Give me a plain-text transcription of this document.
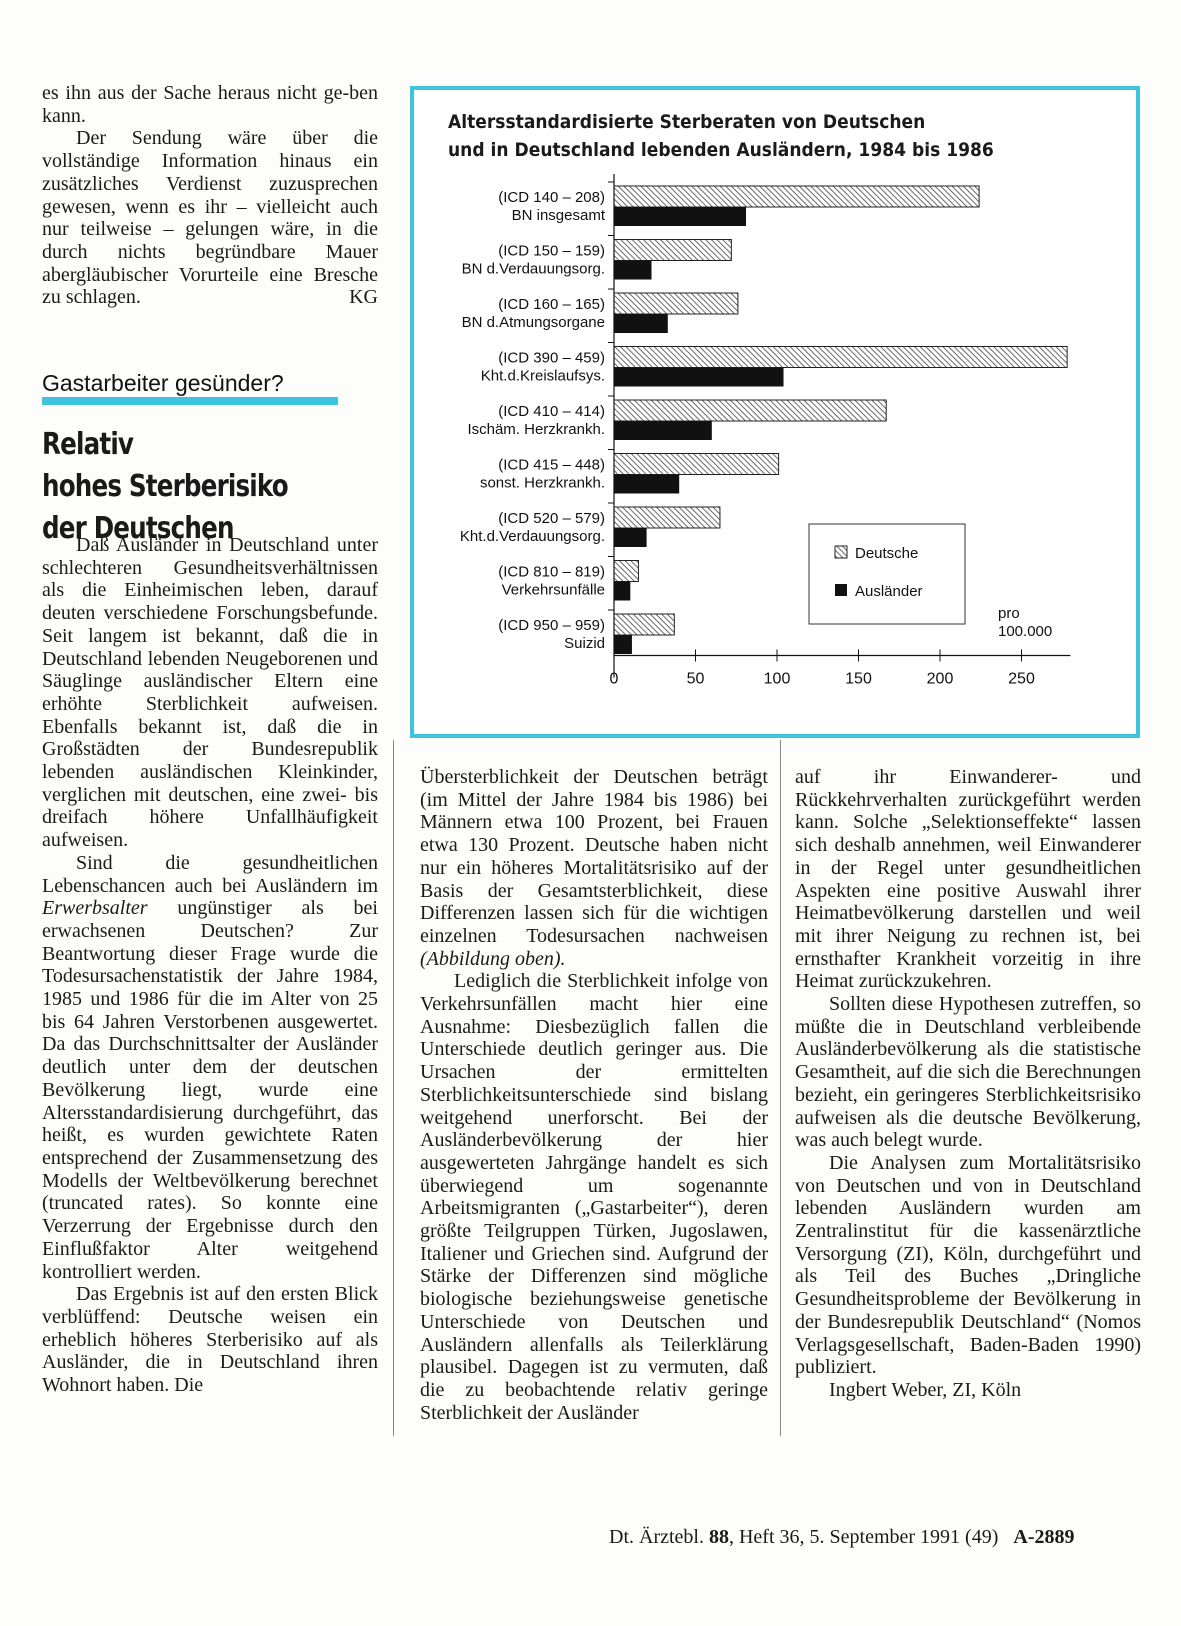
es ihn aus der Sache heraus nicht ge-ben kann.

Der Sendung wäre über die vollständige Information hinaus ein zusätzliches Verdienst zuzusprechen gewesen, wenn es ihr – vielleicht auch nur teilweise – gelungen wäre, in die durch nichts begründbare Mauer abergläubischer Vorurteile eine Bresche zu schlagen.	KG

Gastarbeiter gesünder?
Relativ
hohes Sterberisiko
der Deutschen

Daß Ausländer in Deutschland unter schlechteren Gesundheitsverhältnissen als die Einheimischen leben, darauf deuten verschiedene Forschungsbefunde. Seit langem ist bekannt, daß die in Deutschland lebenden Neugeborenen und Säuglinge ausländischer Eltern eine erhöhte Sterblichkeit aufweisen. Ebenfalls bekannt ist, daß die in Großstädten der Bundesrepublik lebenden ausländischen Kleinkinder, verglichen mit deutschen, eine zwei- bis dreifach höhere Unfallhäufigkeit aufweisen.

Sind die gesundheitlichen Lebenschancen auch bei Ausländern im Erwerbsalter ungünstiger als bei erwachsenen Deutschen? Zur Beantwortung dieser Frage wurde die Todesursachenstatistik der Jahre 1984, 1985 und 1986 für die im Alter von 25 bis 64 Jahren Verstorbenen ausgewertet. Da das Durchschnittsalter der Ausländer deutlich unter dem der deutschen Bevölkerung liegt, wurde eine Altersstandardisierung durchgeführt, das heißt, es wurden gewichtete Raten entsprechend der Zusammensetzung des Modells der Weltbevölkerung berechnet (truncated rates). So konnte eine Verzerrung der Ergebnisse durch den Einflußfaktor Alter weitgehend kontrolliert werden.

Das Ergebnis ist auf den ersten Blick verblüffend: Deutsche weisen ein erheblich höheres Sterberisiko auf als Ausländer, die in Deutschland ihren Wohnort haben. Die

Altersstandardisierte Sterberaten von Deutschen
und in Deutschland lebenden Ausländern, 1984 bis 1986
(ICD 140 – 208)
BN insgesamt
(ICD 150 – 159)
BN d.Verdauungsorg.
(ICD 160 – 165)
BN d.Atmungsorgane
(ICD 390 – 459)
Kht.d.Kreislaufsys.
(ICD 410 – 414)
Ischäm. Herzkrankh.
(ICD 415 – 448)
sonst. Herzkrankh.
(ICD 520 – 579)
Kht.d.Verdauungsorg.
(ICD 810 – 819)
Verkehrsunfälle
(ICD 950 – 959)
Suizid
0	50	100	150	200	250
pro
100.000
Deutsche
Ausländer

Übersterblichkeit der Deutschen beträgt (im Mittel der Jahre 1984 bis 1986) bei Männern etwa 100 Prozent, bei Frauen etwa 130 Prozent. Deutsche haben nicht nur ein höheres Mortalitätsrisiko auf der Basis der Gesamtsterblichkeit, diese Differenzen lassen sich für die wichtigen einzelnen Todesursachen nachweisen (Abbildung oben).

Lediglich die Sterblichkeit infolge von Verkehrsunfällen macht hier eine Ausnahme: Diesbezüglich fallen die Unterschiede deutlich geringer aus. Die Ursachen der ermittelten Sterblichkeitsunterschiede sind bislang weitgehend unerforscht. Bei der Ausländerbevölkerung der hier ausgewerteten Jahrgänge handelt es sich überwiegend um sogenannte Arbeitsmigranten („Gastarbeiter“), deren größte Teilgruppen Türken, Jugoslawen, Italiener und Griechen sind. Aufgrund der Stärke der Differenzen sind mögliche biologische beziehungsweise genetische Unterschiede von Deutschen und Ausländern allenfalls als Teilerklärung plausibel. Dagegen ist zu vermuten, daß die zu beobachtende relativ geringe Sterblichkeit der Ausländer

auf ihr Einwanderer- und Rückkehrverhalten zurückgeführt werden kann. Solche „Selektionseffekte“ lassen sich deshalb annehmen, weil Einwanderer in der Regel unter gesundheitlichen Aspekten eine positive Auswahl ihrer Heimatbevölkerung darstellen und weil mit ihrer Neigung zu rechnen ist, bei ernsthafter Krankheit vorzeitig in ihre Heimat zurückzukehren.

Sollten diese Hypothesen zutreffen, so müßte die in Deutschland verbleibende Ausländerbevölkerung als die statistische Gesamtheit, auf die sich die Berechnungen bezieht, ein geringeres Sterblichkeitsrisiko aufweisen als die deutsche Bevölkerung, was auch belegt wurde.

Die Analysen zum Mortalitätsrisiko von Deutschen und von in Deutschland lebenden Ausländern wurden am Zentralinstitut für die kassenärztliche Versorgung (ZI), Köln, durchgeführt und als Teil des Buches „Dringliche Gesundheitsprobleme der Bevölkerung in der Bundesrepublik Deutschland“ (Nomos Verlagsgesellschaft, Baden-Baden 1990) publiziert.

Ingbert Weber, ZI, Köln

Dt. Ärztebl. 88, Heft 36, 5. September 1991 (49) A-2889
